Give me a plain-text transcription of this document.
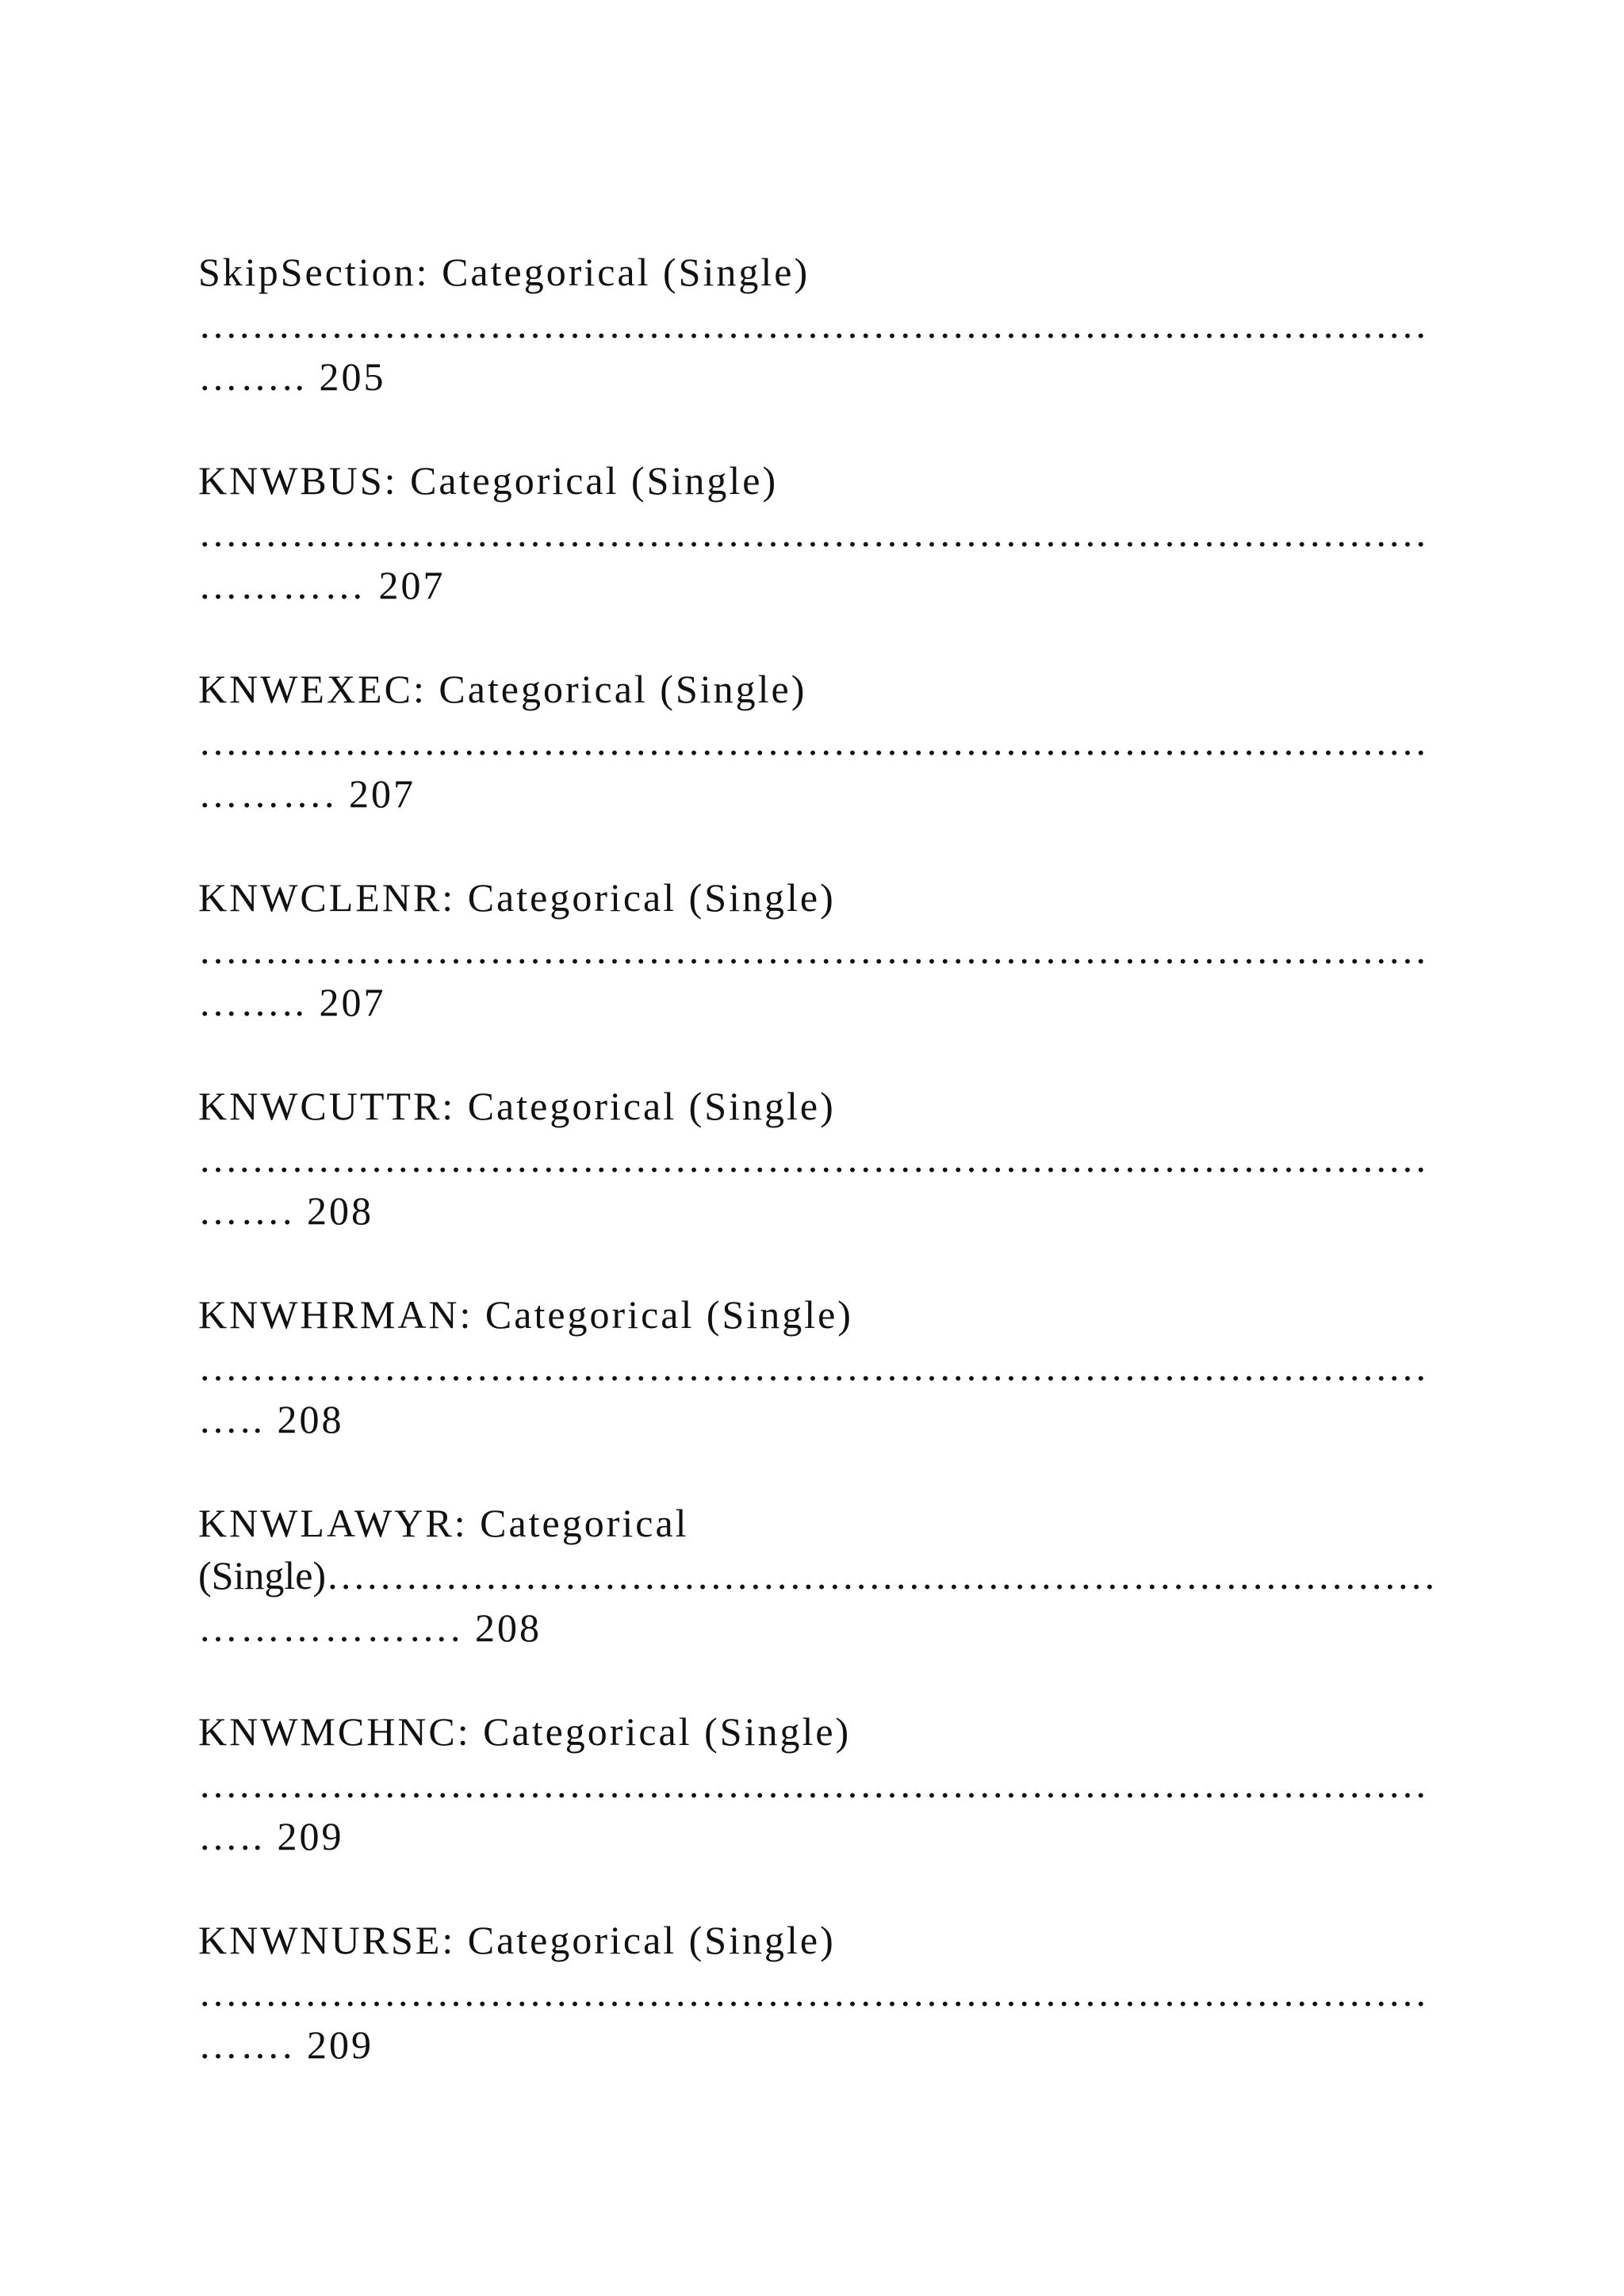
SkipSection: Categorical (Single)
…………………………………………………………………………………
…….. 205
KNWBUS: Categorical (Single)
…………………………………………………………………………………
………… 207
KNWEXEC: Categorical (Single)
…………………………………………………………………………………
………. 207
KNWCLENR: Categorical (Single)
…………………………………………………………………………………
…….. 207
KNWCUTTR: Categorical (Single)
…………………………………………………………………………………
……. 208
KNWHRMAN: Categorical (Single)
…………………………………………………………………………………
….. 208
KNWLAWYR: Categorical
(Single)…………………………………………………………………………
………………. 208
KNWMCHNC: Categorical (Single)
…………………………………………………………………………………
….. 209
KNWNURSE: Categorical (Single)
…………………………………………………………………………………
……. 209
